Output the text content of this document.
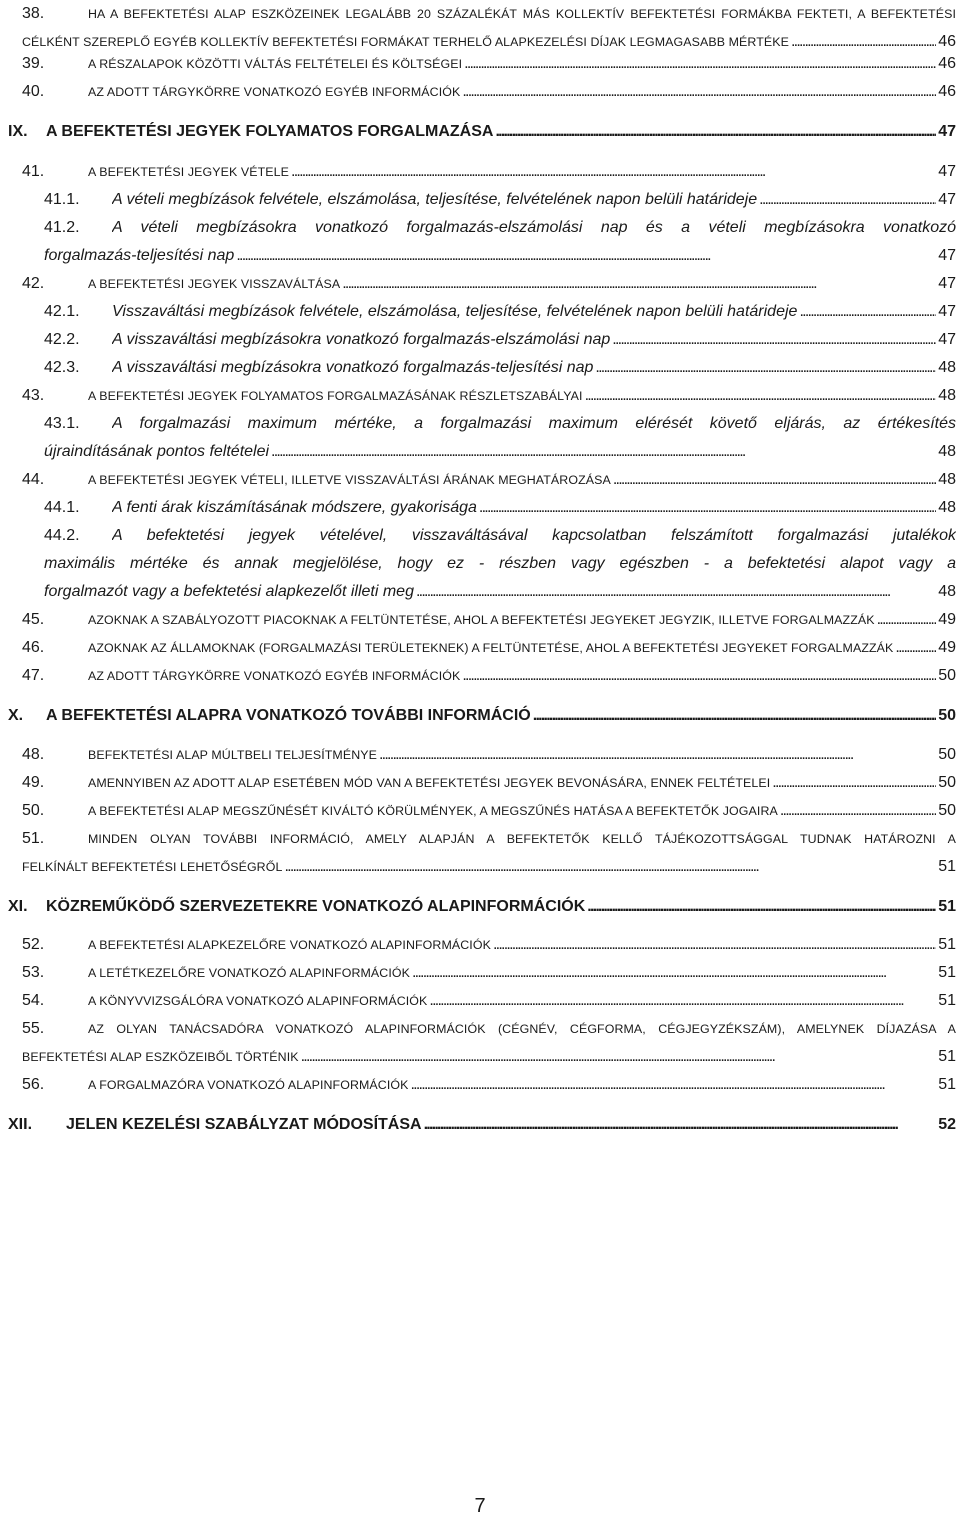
38.	HA A BEFEKTETÉSI ALAP ESZKÖZEINEK LEGALÁBB 20 SZÁZALÉKÁT MÁS KOLLEKTÍV BEFEKTETÉSI FORMÁKBA FEKTETI, A BEFEKTETÉSI
CÉLKÉNT SZEREPLŐ EGYÉB KOLLEKTÍV BEFEKTETÉSI FORMÁKAT TERHELŐ ALAPKEZELÉSI DÍJAK LEGMAGASABB MÉRTÉKE	46
. . .
39.	A RÉSZALAPOK KÖZÖTTI VÁLTÁS FELTÉTELEI ÉS KÖLTSÉGEI	46
. . .
40.	AZ ADOTT TÁRGYKÖRRE VONATKOZÓ EGYÉB INFORMÁCIÓK	46
. . .
IX. A BEFEKTETÉSI JEGYEK FOLYAMATOS FORGALMAZÁSA	47
. . .
41.	A BEFEKTETÉSI JEGYEK VÉTELE	47
. . .
41.1. A vételi megbízások felvétele, elszámolása, teljesítése, felvételének napon belüli határideje	47
. . .
41.2. A vételi megbízásokra vonatkozó forgalmazás-elszámolási nap és a vételi megbízásokra vonatkozó
forgalmazás-teljesítési nap	47
. . .
42.	A BEFEKTETÉSI JEGYEK VISSZAVÁLTÁSA	47
. . .
42.1. Visszaváltási megbízások felvétele, elszámolása, teljesítése, felvételének napon belüli határideje	47
. . .
42.2. A visszaváltási megbízásokra vonatkozó forgalmazás-elszámolási nap	47
. . .
42.3. A visszaváltási megbízásokra vonatkozó forgalmazás-teljesítési nap	48
. . .
43.	A BEFEKTETÉSI JEGYEK FOLYAMATOS FORGALMAZÁSÁNAK RÉSZLETSZABÁLYAI	48
. . .
43.1. A forgalmazási maximum mértéke, a forgalmazási maximum elérését követő eljárás, az értékesítés
újraindításának pontos feltételei	48
. . .
44.	A BEFEKTETÉSI JEGYEK VÉTELI, ILLETVE VISSZAVÁLTÁSI ÁRÁNAK MEGHATÁROZÁSA	48
. . .
44.1. A fenti árak kiszámításának módszere, gyakorisága	48
. . .
44.2. A befektetési jegyek vételével, visszaváltásával kapcsolatban felszámított forgalmazási jutalékok
maximális mértéke és annak megjelölése, hogy ez - részben vagy egészben - a befektetési alapot vagy a
forgalmazót vagy a befektetési alapkezelőt illeti meg	48
. . .
45.	AZOKNAK A SZABÁLYOZOTT PIACOKNAK A FELTÜNTETÉSE, AHOL A BEFEKTETÉSI JEGYEKET JEGYZIK, ILLETVE FORGALMAZZÁK	49
. . .
46.	AZOKNAK AZ ÁLLAMOKNAK (FORGALMAZÁSI TERÜLETEKNEK) A FELTÜNTETÉSE, AHOL A BEFEKTETÉSI JEGYEKET FORGALMAZZÁK	49
. . .
47.	AZ ADOTT TÁRGYKÖRRE VONATKOZÓ EGYÉB INFORMÁCIÓK	50
. . .
X. A BEFEKTETÉSI ALAPRA VONATKOZÓ TOVÁBBI INFORMÁCIÓ	50
. . .
48.	BEFEKTETÉSI ALAP MÚLTBELI TELJESÍTMÉNYE	50
. . .
49.	AMENNYIBEN AZ ADOTT ALAP ESETÉBEN MÓD VAN A BEFEKTETÉSI JEGYEK BEVONÁSÁRA, ENNEK FELTÉTELEI	50
. . .
50.	A BEFEKTETÉSI ALAP MEGSZŰNÉSÉT KIVÁLTÓ KÖRÜLMÉNYEK, A MEGSZŰNÉS HATÁSA A BEFEKTETŐK JOGAIRA	50
. . .
51.	MINDEN OLYAN TOVÁBBI INFORMÁCIÓ, AMELY ALAPJÁN A BEFEKTETŐK KELLŐ TÁJÉKOZOTTSÁGGAL TUDNAK HATÁROZNI A
FELKÍNÁLT BEFEKTETÉSI LEHETŐSÉGRŐL	51
. . .
XI. KÖZREMŰKÖDŐ SZERVEZETEKRE VONATKOZÓ ALAPINFORMÁCIÓK	51
. . .
52.	A BEFEKTETÉSI ALAPKEZELŐRE VONATKOZÓ ALAPINFORMÁCIÓK	51
. . .
53.	A LETÉTKEZELŐRE VONATKOZÓ ALAPINFORMÁCIÓK	51
. . .
54.	A KÖNYVVIZSGÁLÓRA VONATKOZÓ ALAPINFORMÁCIÓK	51
. . .
55.	AZ OLYAN TANÁCSADÓRA VONATKOZÓ ALAPINFORMÁCIÓK (CÉGNÉV, CÉGFORMA, CÉGJEGYZÉKSZÁM), AMELYNEK DÍJAZÁSA A
BEFEKTETÉSI ALAP ESZKÖZEIBŐL TÖRTÉNIK	51
. . .
56.	A FORGALMAZÓRA VONATKOZÓ ALAPINFORMÁCIÓK	51
. . .
XII. JELEN KEZELÉSI SZABÁLYZAT MÓDOSÍTÁSA	52
. . .
7
